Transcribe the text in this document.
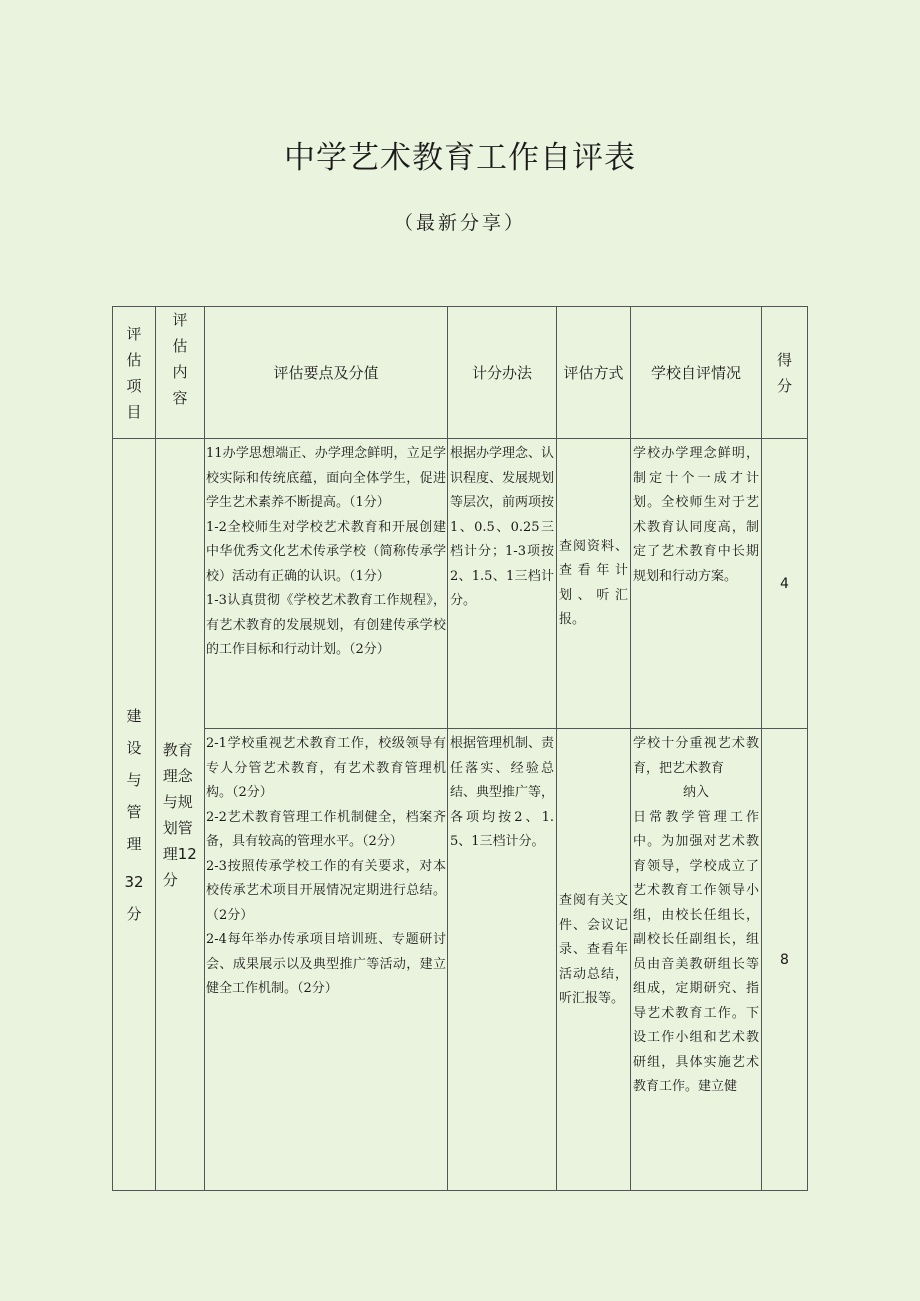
中学艺术教育工作自评表
（最新分享）
评估项目	评估内容	评估要点及分值	计分办法	评估方式	学校自评情况	得分

建设与管理
32分	教育理念与规划管理12分	11办学思想端正、办学理念鲜明，立足学校实际和传统底蕴，面向全体学生，促进学生艺术素养不断提高。（1分）
1-2全校师生对学校艺术教育和开展创建中华优秀文化艺术传承学校（简称传承学校）活动有正确的认识。（1分）
1-3认真贯彻《学校艺术教育工作规程》，有艺术教育的发展规划，有创建传承学校的工作目标和行动计划。（2分）	根据办学理念、认识程度、发展规划等层次，前两项按1、0.5、0.25三档计分；1-3项按2、1.5、1三档计分。	查阅资料、查看年计划、听汇报。	学校办学理念鲜明，制定十个一成才计划。全校师生对于艺术教育认同度高，制定了艺术教育中长期规划和行动方案。	4

		2-1学校重视艺术教育工作，校级领导有专人分管艺术教育，有艺术教育管理机构。（2分）
2-2艺术教育管理工作机制健全，档案齐备，具有较高的管理水平。（2分）
2-3按照传承学校工作的有关要求，对本校传承艺术项目开展情况定期进行总结。（2分）
2-4每年举办传承项目培训班、专题研讨会、成果展示以及典型推广等活动，建立健全工作机制。（2分）	根据管理机制、责任落实、经验总结、典型推广等，各项均按2、1.5、1三档计分。	查阅有关文件、会议记录、查看年活动总结，听汇报等。	学校十分重视艺术教育，把艺术教育
纳入
日常教学管理工作中。为加强对艺术教育领导，学校成立了艺术教育工作领导小组，由校长任组长，副校长任副组长，组员由音美教研组长等组成，定期研究、指导艺术教育工作。下设工作小组和艺术教研组，具体实施艺术教育工作。建立健	8
